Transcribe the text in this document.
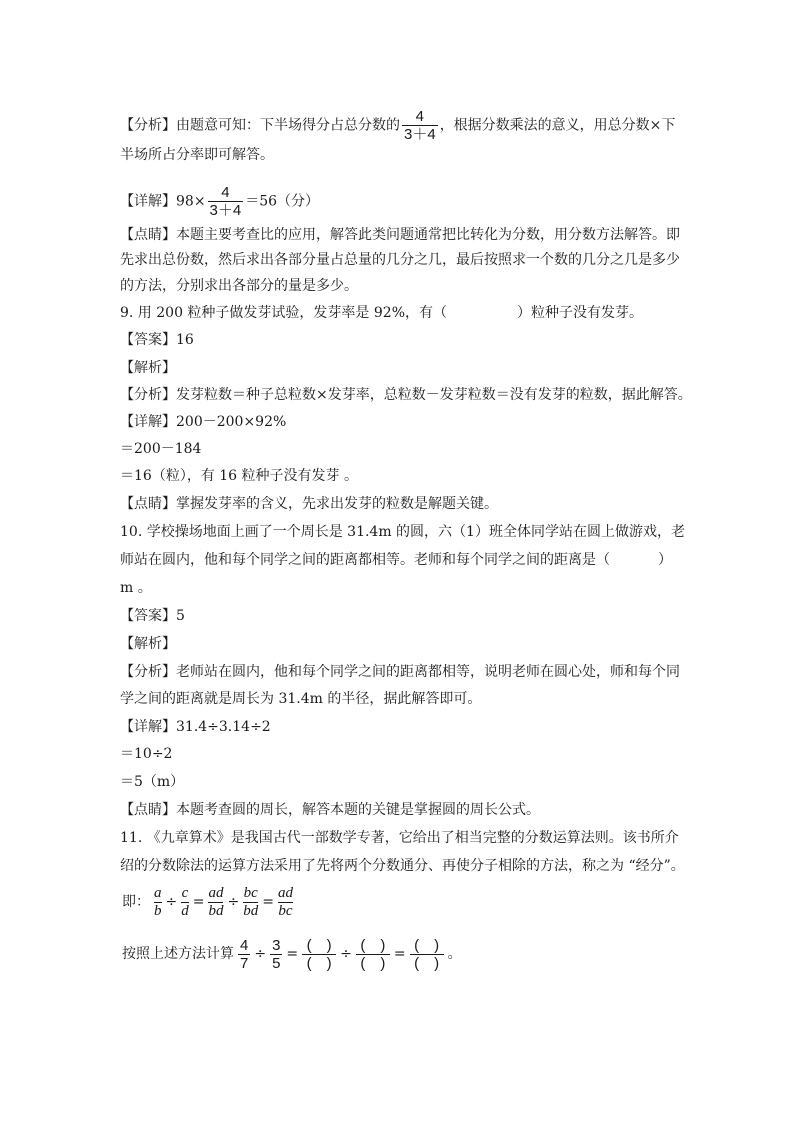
【分析】由题意可知：下半场得分占总分数的 $\frac{4}{3+4}$ ，根据分数乘法的意义，用总分数×下
半场所占分率即可解答。
【详解】$98\times \frac{4}{3+4} =56$（分）
【点睛】本题主要考查比的应用，解答此类问题通常把比转化为分数，用分数方法解答。即
先求出总份数，然后求出各部分量占总量的几分之几，最后按照求一个数的几分之几是多少
的方法，分别求出各部分的量是多少。
9. 用 200 粒种子做发芽试验，发芽率是 92%，有（	）粒种子没有发芽。
【答案】16
【解析】
【分析】发芽粒数＝种子总粒数×发芽率，总粒数－发芽粒数＝没有发芽的粒数，据此解答。
【详解】200－200×92%
＝200－184
＝16（粒），有 16 粒种子没有发芽 。
【点睛】掌握发芽率的含义，先求出发芽的粒数是解题关键。
10. 学校操场地面上画了一个周长是 31.4m 的圆，六（1）班全体同学站在圆上做游戏，老
师站在圆内，他和每个同学之间的距离都相等。老师和每个同学之间的距离是（	）
m 。
【答案】5
【解析】
【分析】老师站在圆内，他和每个同学之间的距离都相等，说明老师在圆心处，师和每个同
学之间的距离就是周长为 31.4m 的半径，据此解答即可。
【详解】31.4÷3.14÷2
＝10÷2
＝5（m）
【点睛】本题考查圆的周长，解答本题的关键是掌握圆的周长公式。
11. 《九章算术》是我国古代一部数学专著，它给出了相当完整的分数运算法则。该书所介
绍的分数除法的运算方法采用了先将两个分数通分、再使分子相除的方法，称之为 “经分”。
即： $\frac{a}{b} \div \frac{c}{d} = \frac{ad}{bd} \div \frac{bc}{bd} = \frac{ad}{bc}$
按照上述方法计算 $\frac{4}{7} \div \frac{3}{5} = \frac{( )}{( )} \div \frac{( )}{( )} = \frac{( )}{( )}$ 。
